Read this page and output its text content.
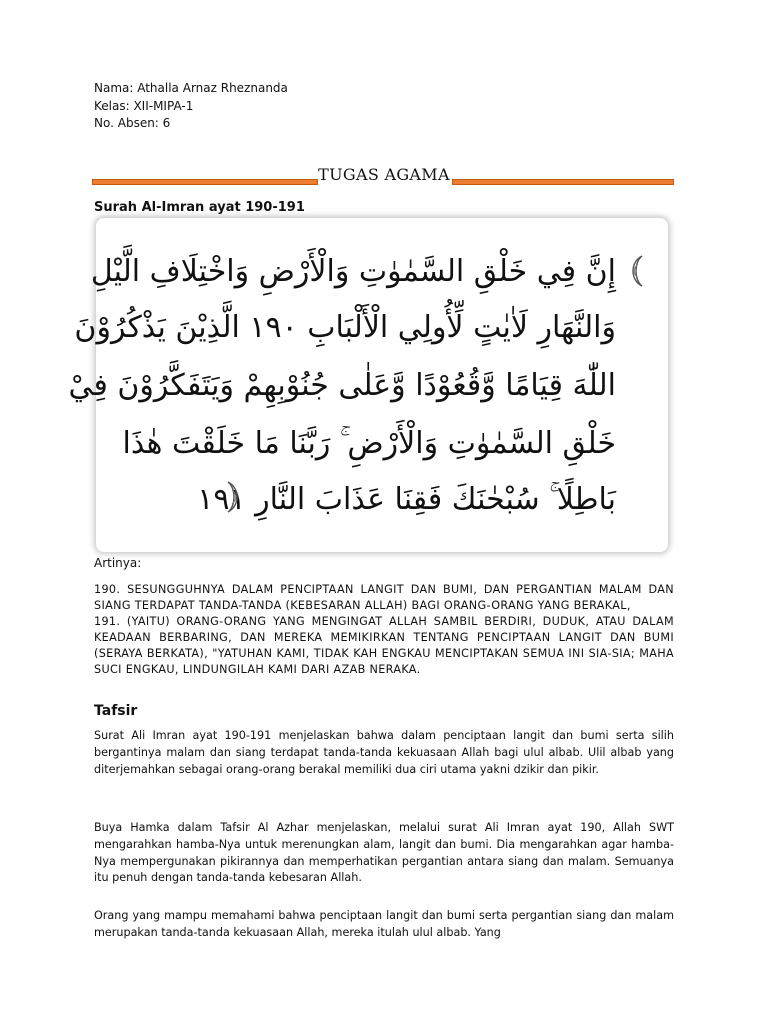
Nama: Athalla Arnaz Rheznanda
Kelas: XII-MIPA-1
No. Absen: 6
TUGAS AGAMA
Surah Al-Imran ayat 190-191
إِنَّ فِي خَلْقِ السَّمٰوٰتِ وَالْأَرْضِ وَاخْتِلَافِ الَّيْلِ
وَالنَّهَارِ لَاٰيٰتٍ لِّأُولِي الْأَلْبَابِ ١٩٠ الَّذِيْنَ يَذْكُرُوْنَ
اللّٰهَ قِيَامًا وَّقُعُوْدًا وَّعَلٰى جُنُوْبِهِمْ وَيَتَفَكَّرُوْنَ فِيْ
خَلْقِ السَّمٰوٰتِ وَالْأَرْضِ ۚ رَبَّنَا مَا خَلَقْتَ هٰذَا
بَاطِلًا ۚ سُبْحٰنَكَ فَقِنَا عَذَابَ النَّارِ ١٩١
Artinya:

190. SESUNGGUHNYA DALAM PENCIPTAAN LANGIT DAN BUMI, DAN PERGANTIAN MALAM DAN SIANG TERDAPAT TANDA-TANDA (KEBESARAN ALLAH) BAGI ORANG-ORANG YANG BERAKAL,

191. (YAITU) ORANG-ORANG YANG MENGINGAT ALLAH SAMBIL BERDIRI, DUDUK, ATAU DALAM KEADAAN BERBARING, DAN MEREKA MEMIKIRKAN TENTANG PENCIPTAAN LANGIT DAN BUMI (SERAYA BERKATA), "YATUHAN KAMI, TIDAK KAH ENGKAU MENCIPTAKAN SEMUA INI SIA-SIA; MAHA SUCI ENGKAU, LINDUNGILAH KAMI DARI AZAB NERAKA.

Tafsir

Surat Ali Imran ayat 190-191 menjelaskan bahwa dalam penciptaan langit dan bumi serta silih bergantinya malam dan siang terdapat tanda-tanda kekuasaan Allah bagi ulul albab. Ulil albab yang diterjemahkan sebagai orang-orang berakal memiliki dua ciri utama yakni dzikir dan pikir.

Buya Hamka dalam Tafsir Al Azhar menjelaskan, melalui surat Ali Imran ayat 190, Allah SWT mengarahkan hamba-Nya untuk merenungkan alam, langit dan bumi. Dia mengarahkan agar hamba-Nya mempergunakan pikirannya dan memperhatikan pergantian antara siang dan malam. Semuanya itu penuh dengan tanda-tanda kebesaran Allah.

Orang yang mampu memahami bahwa penciptaan langit dan bumi serta pergantian siang dan malam merupakan tanda-tanda kekuasaan Allah, mereka itulah ulul albab. Yang
